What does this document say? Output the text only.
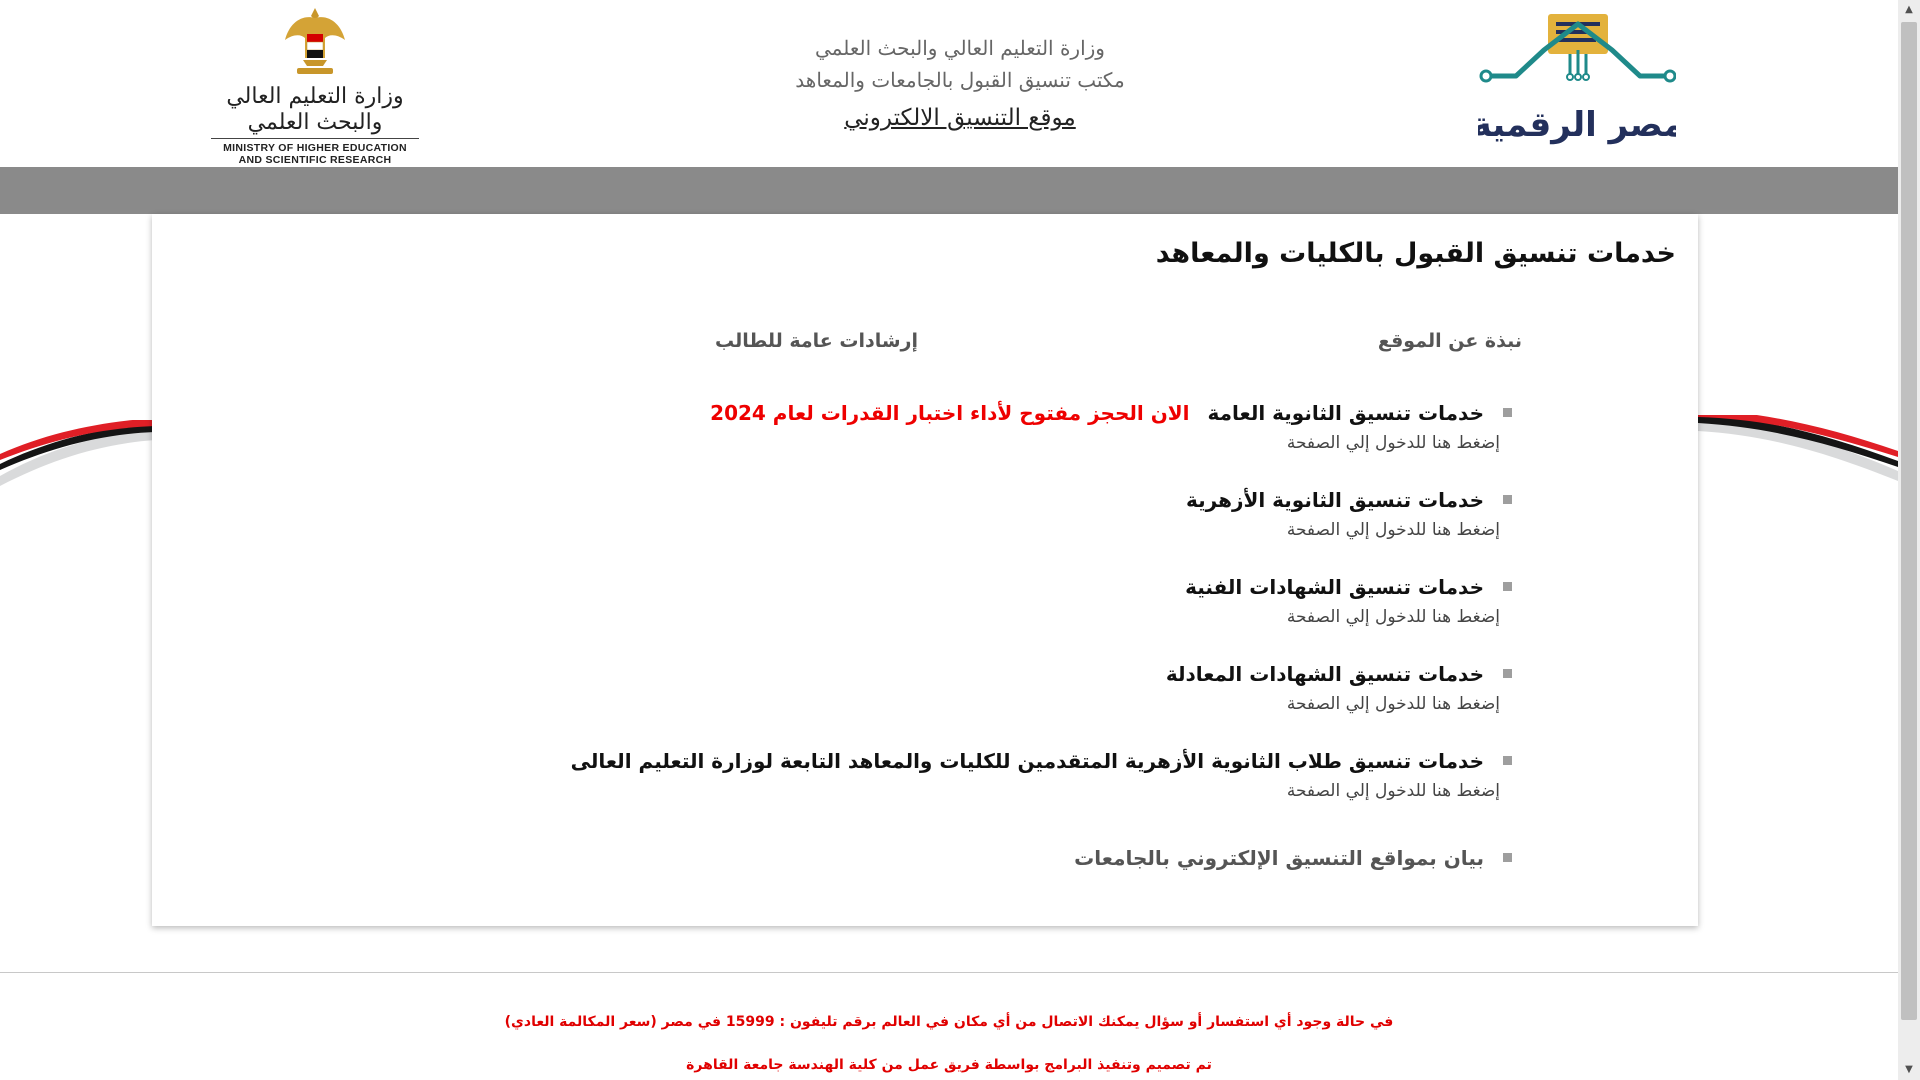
مصر الرقمية
وزارة التعليم العالي والبحث العلمي
مكتب تنسيق القبول بالجامعات والمعاهد
موقع التنسيق الالكتروني
وزارة التعليم العالي والبحث العلمي
MINISTRY OF HIGHER EDUCATION
AND SCIENTIFIC RESEARCH
خدمات تنسيق القبول بالكليات والمعاهد
نبذة عن الموقع
إرشادات عامة للطالب
خدمات تنسيق الثانوية العامةالان الحجز مفتوح لأداء اختبار القدرات لعام 2024
إضغط هنا للدخول إلي الصفحة
خدمات تنسيق الثانوية الأزهرية
إضغط هنا للدخول إلي الصفحة
خدمات تنسيق الشهادات الفنية
إضغط هنا للدخول إلي الصفحة
خدمات تنسيق الشهادات المعادلة
إضغط هنا للدخول إلي الصفحة
خدمات تنسيق طلاب الثانوية الأزهرية المتقدمين للكليات والمعاهد التابعة لوزارة التعليم العالى
إضغط هنا للدخول إلي الصفحة
بيان بمواقع التنسيق الإلكتروني بالجامعات
في حالة وجود أي استفسار أو سؤال يمكنك الاتصال من أي مكان في العالم برقم تليفون : 15999 في مصر (سعر المكالمة العادي)
تم تصميم وتنفيذ البرامج بواسطة فريق عمل من كلية الهندسة جامعة القاهرة
▲
▼
